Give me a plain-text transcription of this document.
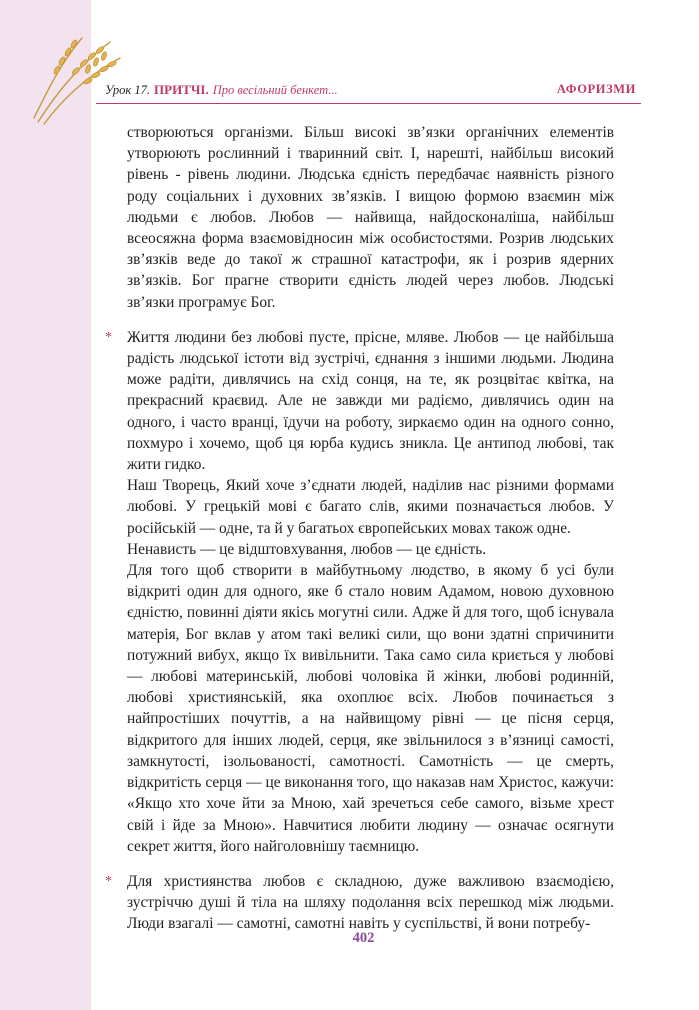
Урок 17. ПРИТЧІ. Про весільний бенкет...	АФОРИЗМИ

створюються організми. Більш високі зв’язки органічних елементів утворюють рослинний і тваринний світ. І, нарешті, найбільш високий рівень - рівень людини. Людська єдність передбачає наявність різного роду соціальних і духовних зв’язків. І вищою формою взаємин між людьми є любов. Любов — найвища, найдосконаліша, найбільш всеосяжна форма взаємовідносин між особистостями. Розрив людських зв’язків веде до такої ж страшної катастрофи, як і розрив ядерних зв’язків. Бог прагне створити єдність людей через любов. Людські зв’язки програмує Бог.

* Життя людини без любові пусте, прісне, мляве. Любов — це найбільша радість людської істоти від зустрічі, єднання з іншими людьми. Людина може радіти, дивлячись на схід сонця, на те, як розцвітає квітка, на прекрасний краєвид. Але не завжди ми радіємо, дивлячись один на одного, і часто вранці, їдучи на роботу, зиркаємо один на одного сонно, похмуро і хочемо, щоб ця юрба кудись зникла. Це антипод любові, так жити гидко.

Наш Творець, Який хоче з’єднати людей, наділив нас різними формами любові. У грецькій мові є багато слів, якими позначається любов. У російській — одне, та й у багатьох європейських мовах також одне.

Ненависть — це відштовхування, любов — це єдність.

Для того щоб створити в майбутньому людство, в якому б усі були відкриті один для одного, яке б стало новим Адамом, новою духовною єдністю, повинні діяти якісь могутні сили. Адже й для того, щоб існувала матерія, Бог вклав у атом такі великі сили, що вони здатні спричинити потужний вибух, якщо їх вивільнити. Така само сила криється у любові — любові материнській, любові чоловіка й жінки, любові родинній, любові християнській, яка охоплює всіх. Любов починається з найпростіших почуттів, а на найвищому рівні — це пісня серця, відкритого для інших людей, серця, яке звільнилося з в’язниці самості, замкнутості, ізольованості, самотності. Самотність — це смерть, відкритість серця — це виконання того, що наказав нам Христос, кажучи: «Якщо хто хоче йти за Мною, хай зречеться себе самого, візьме хрест свій і йде за Мною». Навчитися любити людину — означає осягнути секрет життя, його найголовнішу таємницю.

* Для християнства любов є складною, дуже важливою взаємодією, зустріччю душі й тіла на шляху подолання всіх перешкод між людьми. Люди взагалі — самотні, самотні навіть у суспільстві, й вони потребу-

402
